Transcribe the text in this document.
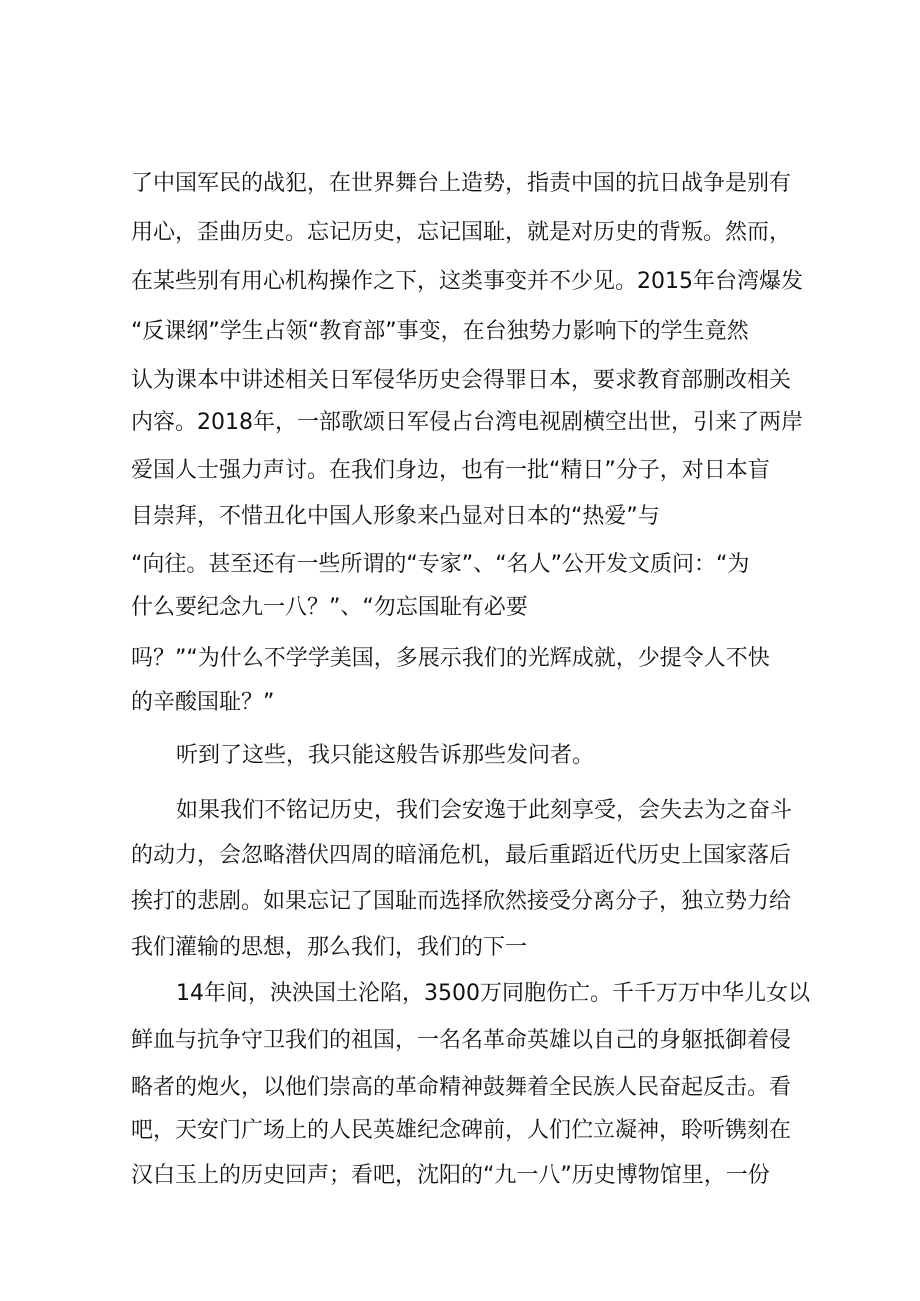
了中国军民的战犯，在世界舞台上造势，指责中国的抗日战争是别有
用心，歪曲历史。忘记历史，忘记国耻，就是对历史的背叛。然而，
在某些别有用心机构操作之下，这类事变并不少见。2015年台湾爆发
“反课纲”学生占领“教育部”事变，在台独势力影响下的学生竟然
认为课本中讲述相关日军侵华历史会得罪日本，要求教育部删改相关
内容。2018年，一部歌颂日军侵占台湾电视剧横空出世，引来了两岸
爱国人士强力声讨。在我们身边，也有一批“精日”分子，对日本盲
目崇拜，不惜丑化中国人形象来凸显对日本的“热爱”与
“向往。甚至还有一些所谓的“专家”、“名人”公开发文质问：“为
什么要纪念九一八？”、“勿忘国耻有必要
吗？”“为什么不学学美国，多展示我们的光辉成就，少提令人不快
的辛酸国耻？”
听到了这些，我只能这般告诉那些发问者。
如果我们不铭记历史，我们会安逸于此刻享受，会失去为之奋斗
的动力，会忽略潜伏四周的暗涌危机，最后重蹈近代历史上国家落后
挨打的悲剧。如果忘记了国耻而选择欣然接受分离分子，独立势力给
我们灌输的思想，那么我们，我们的下一
14年间，泱泱国土沦陷，3500万同胞伤亡。千千万万中华儿女以
鲜血与抗争守卫我们的祖国，一名名革命英雄以自己的身躯抵御着侵
略者的炮火，以他们崇高的革命精神鼓舞着全民族人民奋起反击。看
吧，天安门广场上的人民英雄纪念碑前，人们伫立凝神，聆听镌刻在
汉白玉上的历史回声；看吧，沈阳的“九一八”历史博物馆里，一份
